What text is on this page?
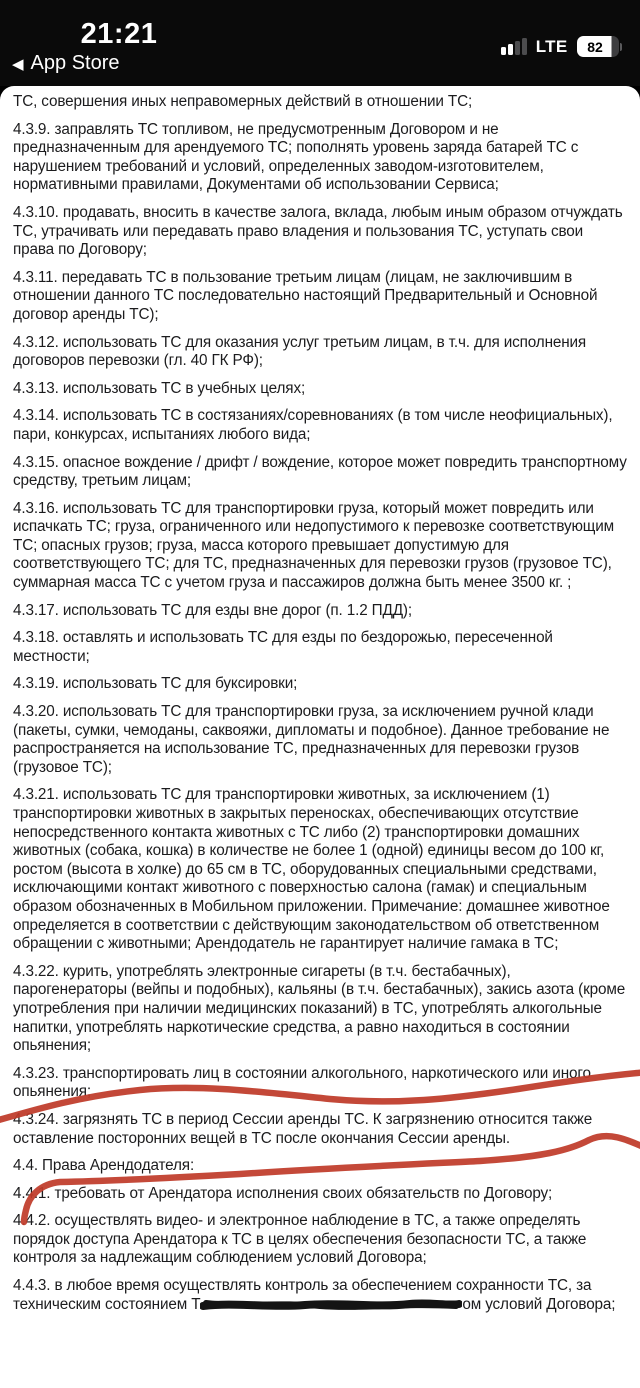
21:21	LTE 82
◀ App Store

ТС, совершения иных неправомерных действий в отношении ТС;

4.3.9. заправлять ТС топливом, не предусмотренным Договором и не предназначенным для арендуемого ТС; пополнять уровень заряда батарей ТС с нарушением требований и условий, определенных заводом-изготовителем, нормативными правилами, Документами об использовании Сервиса;

4.3.10. продавать, вносить в качестве залога, вклада, любым иным образом отчуждать ТС, утрачивать или передавать право владения и пользования ТС, уступать свои права по Договору;

4.3.11. передавать ТС в пользование третьим лицам (лицам, не заключившим в отношении данного ТС последовательно настоящий Предварительный и Основной договор аренды ТС);

4.3.12. использовать ТС для оказания услуг третьим лицам, в т.ч. для исполнения договоров перевозки (гл. 40 ГК РФ);

4.3.13. использовать ТС в учебных целях;

4.3.14. использовать ТС в состязаниях/соревнованиях (в том числе неофициальных), пари, конкурсах, испытаниях любого вида;

4.3.15. опасное вождение / дрифт / вождение, которое может повредить транспортному средству, третьим лицам;

4.3.16. использовать ТС для транспортировки груза, который может повредить или испачкать ТС; груза, ограниченного или недопустимого к перевозке соответствующим ТС; опасных грузов; груза, масса которого превышает допустимую для соответствующего ТС; для ТС, предназначенных для перевозки грузов (грузовое ТС), суммарная масса ТС с учетом груза и пассажиров должна быть менее 3500 кг. ;

4.3.17. использовать ТС для езды вне дорог (п. 1.2 ПДД);

4.3.18. оставлять и использовать ТС для езды по бездорожью, пересеченной местности;

4.3.19. использовать ТС для буксировки;

4.3.20. использовать ТС для транспортировки груза, за исключением ручной клади (пакеты, сумки, чемоданы, саквояжи, дипломаты и подобное). Данное требование не распространяется на использование ТС, предназначенных для перевозки грузов (грузовое ТС);

4.3.21. использовать ТС для транспортировки животных, за исключением (1) транспортировки животных в закрытых переносках, обеспечивающих отсутствие непосредственного контакта животных с ТС либо (2) транспортировки домашних животных (собака, кошка) в количестве не более 1 (одной) единицы весом до 100 кг, ростом (высота в холке) до 65 см в ТС, оборудованных специальными средствами, исключающими контакт животного с поверхностью салона (гамак) и специальным образом обозначенных в Мобильном приложении. Примечание: домашнее животное определяется в соответствии с действующим законодательством об ответственном обращении с животными; Арендодатель не гарантирует наличие гамака в ТС;

4.3.22. курить, употреблять электронные сигареты (в т.ч. бестабачных), парогенераторы (вейпы и подобных), кальяны (в т.ч. бестабачных), закись азота (кроме употребления при наличии медицинских показаний) в ТС, употреблять алкогольные напитки, употреблять наркотические средства, а равно находиться в состоянии опьянения;

4.3.23. транспортировать лиц в состоянии алкогольного, наркотического или иного опьянения;

4.3.24. загрязнять ТС в период Сессии аренды ТС. К загрязнению относится также оставление посторонних вещей в ТС после окончания Сессии аренды.

4.4. Права Арендодателя:

4.4.1. требовать от Арендатора исполнения своих обязательств по Договору;

4.4.2. осуществлять видео- и электронное наблюдение в ТС, а также определять порядок доступа Арендатора к ТС в целях обеспечения безопасности ТС, а также контроля за надлежащим соблюдением условий Договора;

4.4.3. в любое время осуществлять контроль за обеспечением сохранности ТС, за техническим состоянием Т	ом условий Договора;
